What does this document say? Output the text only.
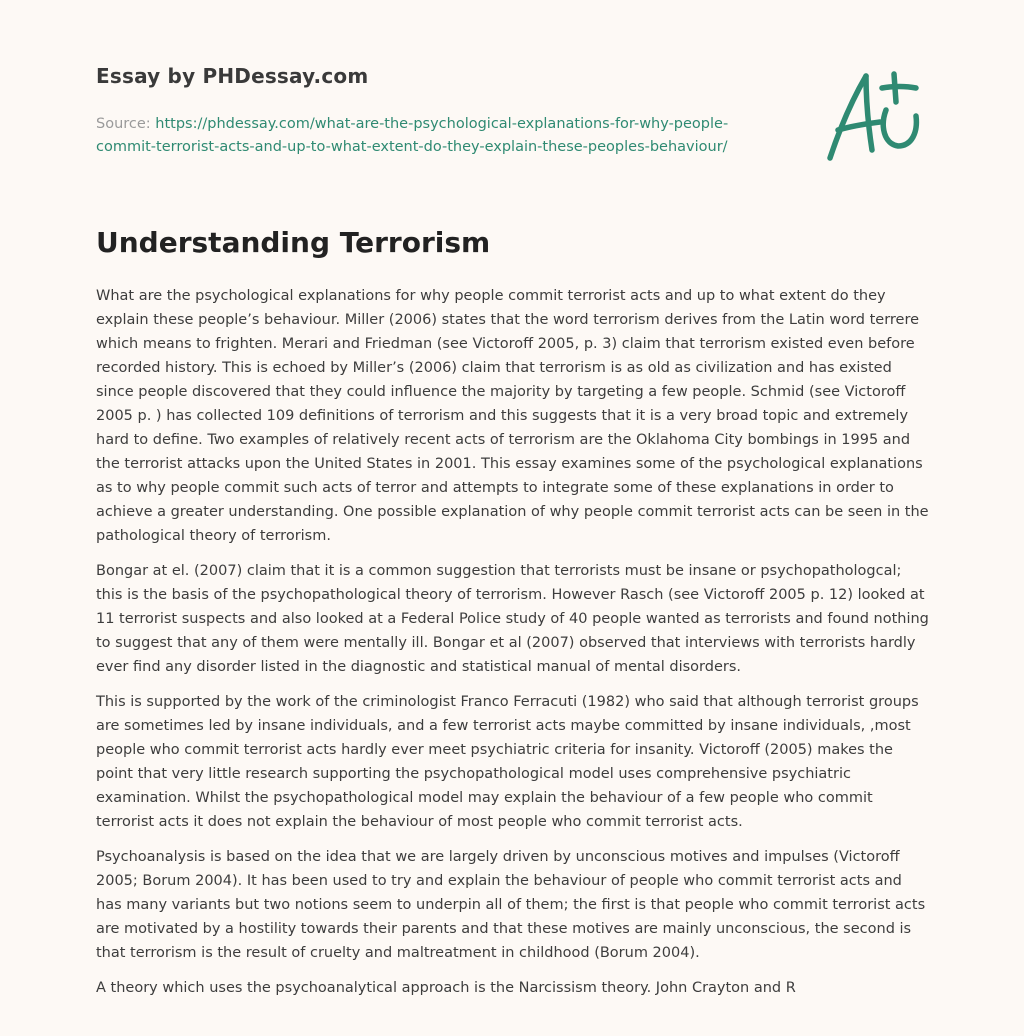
Essay by PHDessay.com
Source: https://phdessay.com/what-are-the-psychological-explanations-for-why-people-
commit-terrorist-acts-and-up-to-what-extent-do-they-explain-these-peoples-behaviour/
Understanding Terrorism

What are the psychological explanations for why people commit terrorist acts and up to what extent do they explain these people’s behaviour. Miller (2006) states that the word terrorism derives from the Latin word terrere which means to frighten. Merari and Friedman (see Victoroff 2005, p. 3) claim that terrorism existed even before recorded history. This is echoed by Miller’s (2006) claim that terrorism is as old as civilization and has existed since people discovered that they could influence the majority by targeting a few people. Schmid (see Victoroff 2005 p. ) has collected 109 definitions of terrorism and this suggests that it is a very broad topic and extremely hard to define. Two examples of relatively recent acts of terrorism are the Oklahoma City bombings in 1995 and the terrorist attacks upon the United States in 2001. This essay examines some of the psychological explanations as to why people commit such acts of terror and attempts to integrate some of these explanations in order to achieve a greater understanding. One possible explanation of why people commit terrorist acts can be seen in the pathological theory of terrorism.

Bongar at el. (2007) claim that it is a common suggestion that terrorists must be insane or psychopathologcal; this is the basis of the psychopathological theory of terrorism. However Rasch (see Victoroff 2005 p. 12) looked at 11 terrorist suspects and also looked at a Federal Police study of 40 people wanted as terrorists and found nothing to suggest that any of them were mentally ill. Bongar et al (2007) observed that interviews with terrorists hardly ever find any disorder listed in the diagnostic and statistical manual of mental disorders.

This is supported by the work of the criminologist Franco Ferracuti (1982) who said that although terrorist groups are sometimes led by insane individuals, and a few terrorist acts maybe committed by insane individuals, ,most people who commit terrorist acts hardly ever meet psychiatric criteria for insanity. Victoroff (2005) makes the point that very little research supporting the psychopathological model uses comprehensive psychiatric examination. Whilst the psychopathological model may explain the behaviour of a few people who commit terrorist acts it does not explain the behaviour of most people who commit terrorist acts.

Psychoanalysis is based on the idea that we are largely driven by unconscious motives and impulses (Victoroff 2005; Borum 2004). It has been used to try and explain the behaviour of people who commit terrorist acts and has many variants but two notions seem to underpin all of them; the first is that people who commit terrorist acts are motivated by a hostility towards their parents and that these motives are mainly unconscious, the second is that terrorism is the result of cruelty and maltreatment in childhood (Borum 2004).

A theory which uses the psychoanalytical approach is the Narcissism theory. John Crayton and R
